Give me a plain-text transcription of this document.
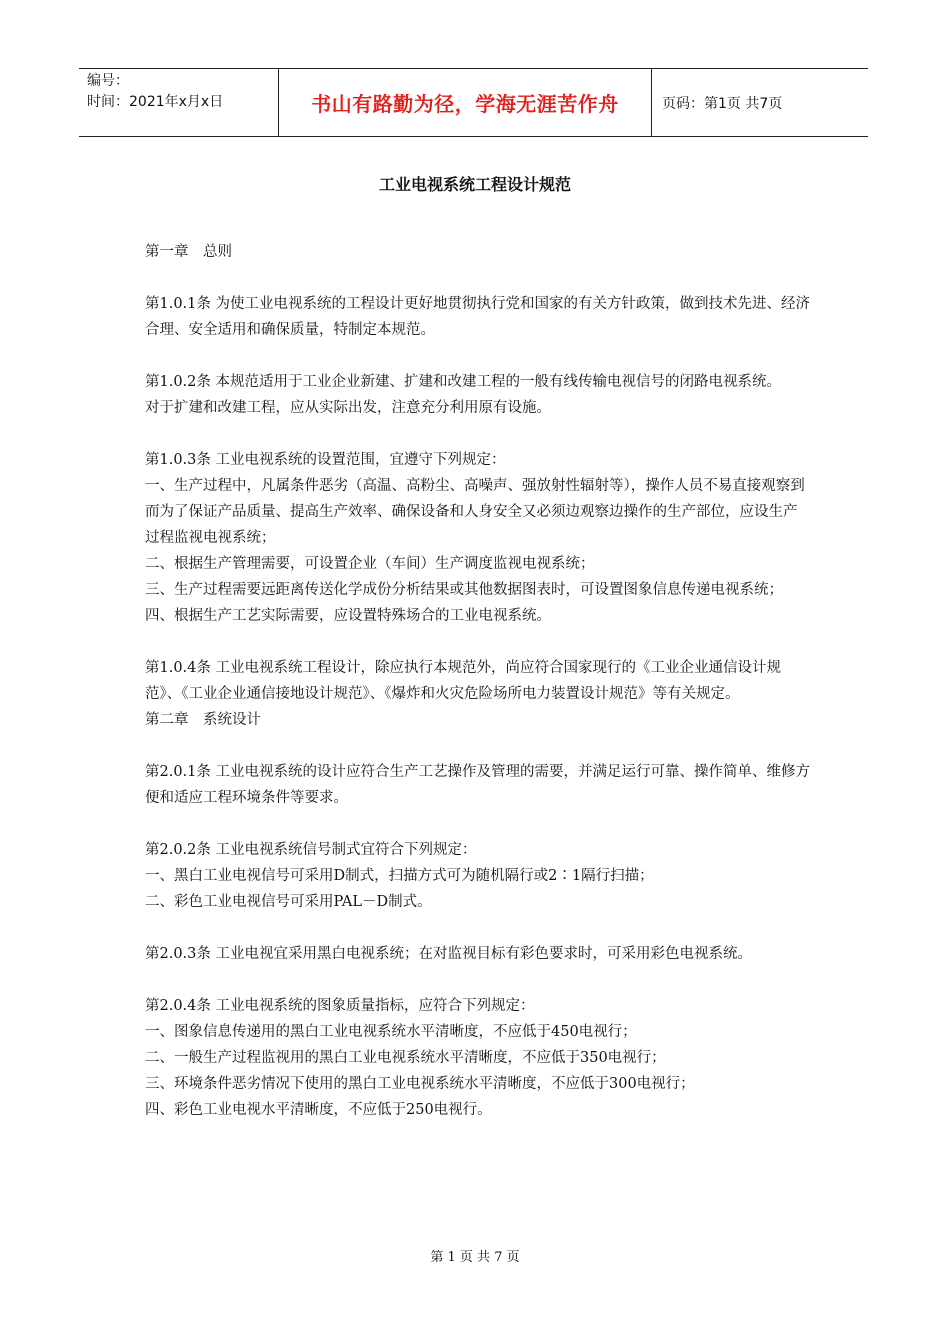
编号：
时间：2021年x月x日	书山有路勤为径，学海无涯苦作舟	页码：第1页 共7页
工业电视系统工程设计规范

第一章　总则

第1.0.1条 为使工业电视系统的工程设计更好地贯彻执行党和国家的有关方针政策，做到技术先进、经济合理、安全适用和确保质量，特制定本规范。

第1.0.2条 本规范适用于工业企业新建、扩建和改建工程的一般有线传输电视信号的闭路电视系统。

对于扩建和改建工程，应从实际出发，注意充分利用原有设施。

第1.0.3条 工业电视系统的设置范围，宜遵守下列规定：

一、生产过程中，凡属条件恶劣（高温、高粉尘、高噪声、强放射性辐射等），操作人员不易直接观察到而为了保证产品质量、提高生产效率、确保设备和人身安全又必须边观察边操作的生产部位，应设生产过程监视电视系统；

二、根据生产管理需要，可设置企业（车间）生产调度监视电视系统；

三、生产过程需要远距离传送化学成份分析结果或其他数据图表时，可设置图象信息传递电视系统；

四、根据生产工艺实际需要，应设置特殊场合的工业电视系统。

第1.0.4条 工业电视系统工程设计，除应执行本规范外，尚应符合国家现行的《工业企业通信设计规范》、《工业企业通信接地设计规范》、《爆炸和火灾危险场所电力装置设计规范》等有关规定。

第二章　系统设计

第2.0.1条 工业电视系统的设计应符合生产工艺操作及管理的需要，并满足运行可靠、操作简单、维修方便和适应工程环境条件等要求。

第2.0.2条 工业电视系统信号制式宜符合下列规定：

一、黑白工业电视信号可采用D制式，扫描方式可为随机隔行或2∶1隔行扫描；

二、彩色工业电视信号可采用PAL－D制式。

第2.0.3条 工业电视宜采用黑白电视系统；在对监视目标有彩色要求时，可采用彩色电视系统。

第2.0.4条 工业电视系统的图象质量指标，应符合下列规定：

一、图象信息传递用的黑白工业电视系统水平清晰度，不应低于450电视行；

二、一般生产过程监视用的黑白工业电视系统水平清晰度，不应低于350电视行；

三、环境条件恶劣情况下使用的黑白工业电视系统水平清晰度，不应低于300电视行；

四、彩色工业电视水平清晰度，不应低于250电视行。

第 1 页 共 7 页
